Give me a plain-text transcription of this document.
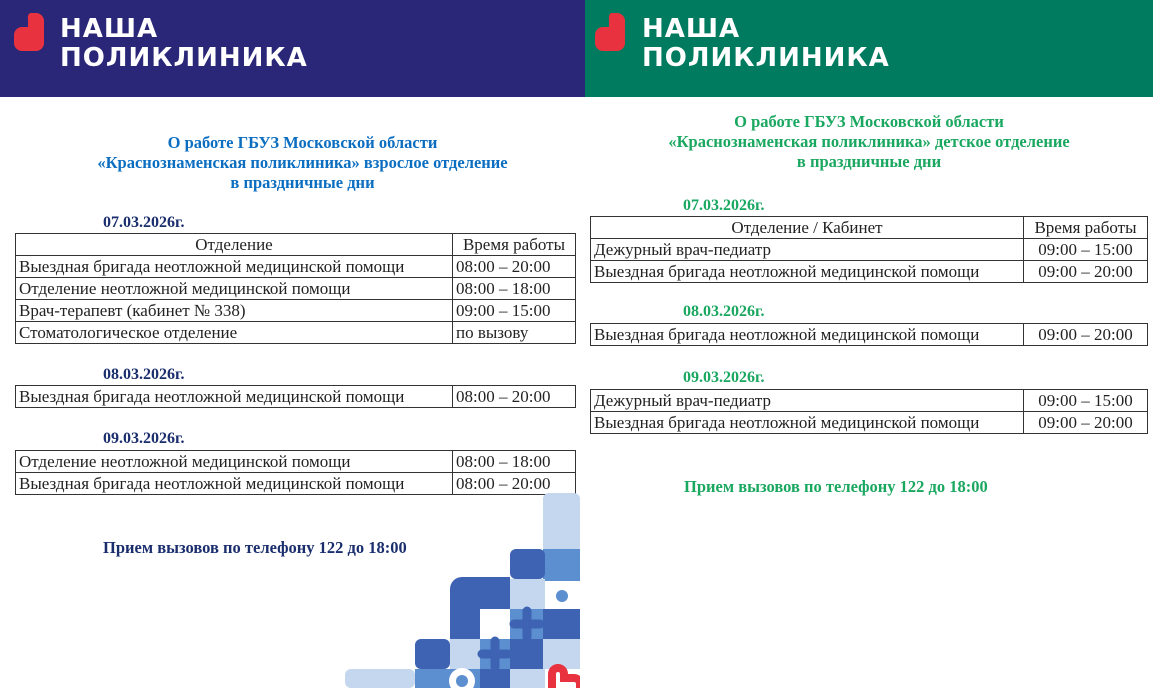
НАША
ПОЛИКЛИНИКА
О работе ГБУЗ Московской области
«Краснознаменская поликлиника» взрослое отделение
в праздничные дни
07.03.2026г.
Отделение	Время работы
Выездная бригада неотложной медицинской помощи	08:00 – 20:00
Отделение неотложной медицинской помощи	08:00 – 18:00
Врач-терапевт (кабинет № 338)	09:00 – 15:00
Стоматологическое отделение	по вызову
08.03.2026г.
Выездная бригада неотложной медицинской помощи	08:00 – 20:00
09.03.2026г.
Отделение неотложной медицинской помощи	08:00 – 18:00
Выездная бригада неотложной медицинской помощи	08:00 – 20:00
Прием вызовов по телефону 122 до 18:00
НАША
ПОЛИКЛИНИКА
О работе ГБУЗ Московской области
«Краснознаменская поликлиника» детское отделение
в праздничные дни
07.03.2026г.
Отделение / Кабинет	Время работы
Дежурный врач-педиатр	09:00 – 15:00
Выездная бригада неотложной медицинской помощи	09:00 – 20:00
08.03.2026г.
Выездная бригада неотложной медицинской помощи	09:00 – 20:00
09.03.2026г.
Дежурный врач-педиатр	09:00 – 15:00
Выездная бригада неотложной медицинской помощи	09:00 – 20:00
Прием вызовов по телефону 122 до 18:00
